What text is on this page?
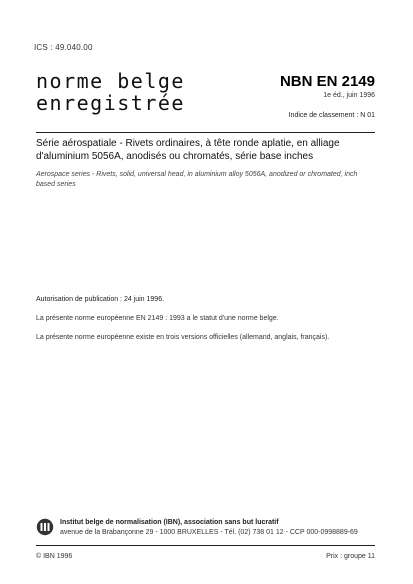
ICS : 49.040.00
norme belge
enregistrée
NBN EN 2149
1e éd., juin 1996
Indice de classement : N 01
Série aérospatiale - Rivets ordinaires, à tête ronde aplatie, en alliage d'aluminium 5056A, anodisés ou chromatés, série base inches
Aerospace series - Rivets, solid, universal head, in aluminium alloy 5056A, anodized or chromated, inch based series
Autorisation de publication : 24 juin 1996.
La présente norme européenne EN 2149 : 1993 a le statut d'une norme belge.
La présente norme européenne existe en trois versions officielles (allemand, anglais, français).
Institut belge de normalisation (IBN), association sans but lucratif
avenue de la Brabançonne 29 - 1000 BRUXELLES - Tél. (02) 738 01 12 - CCP 000-0998889-69
© IBN 1996	Prix : groupe 11
